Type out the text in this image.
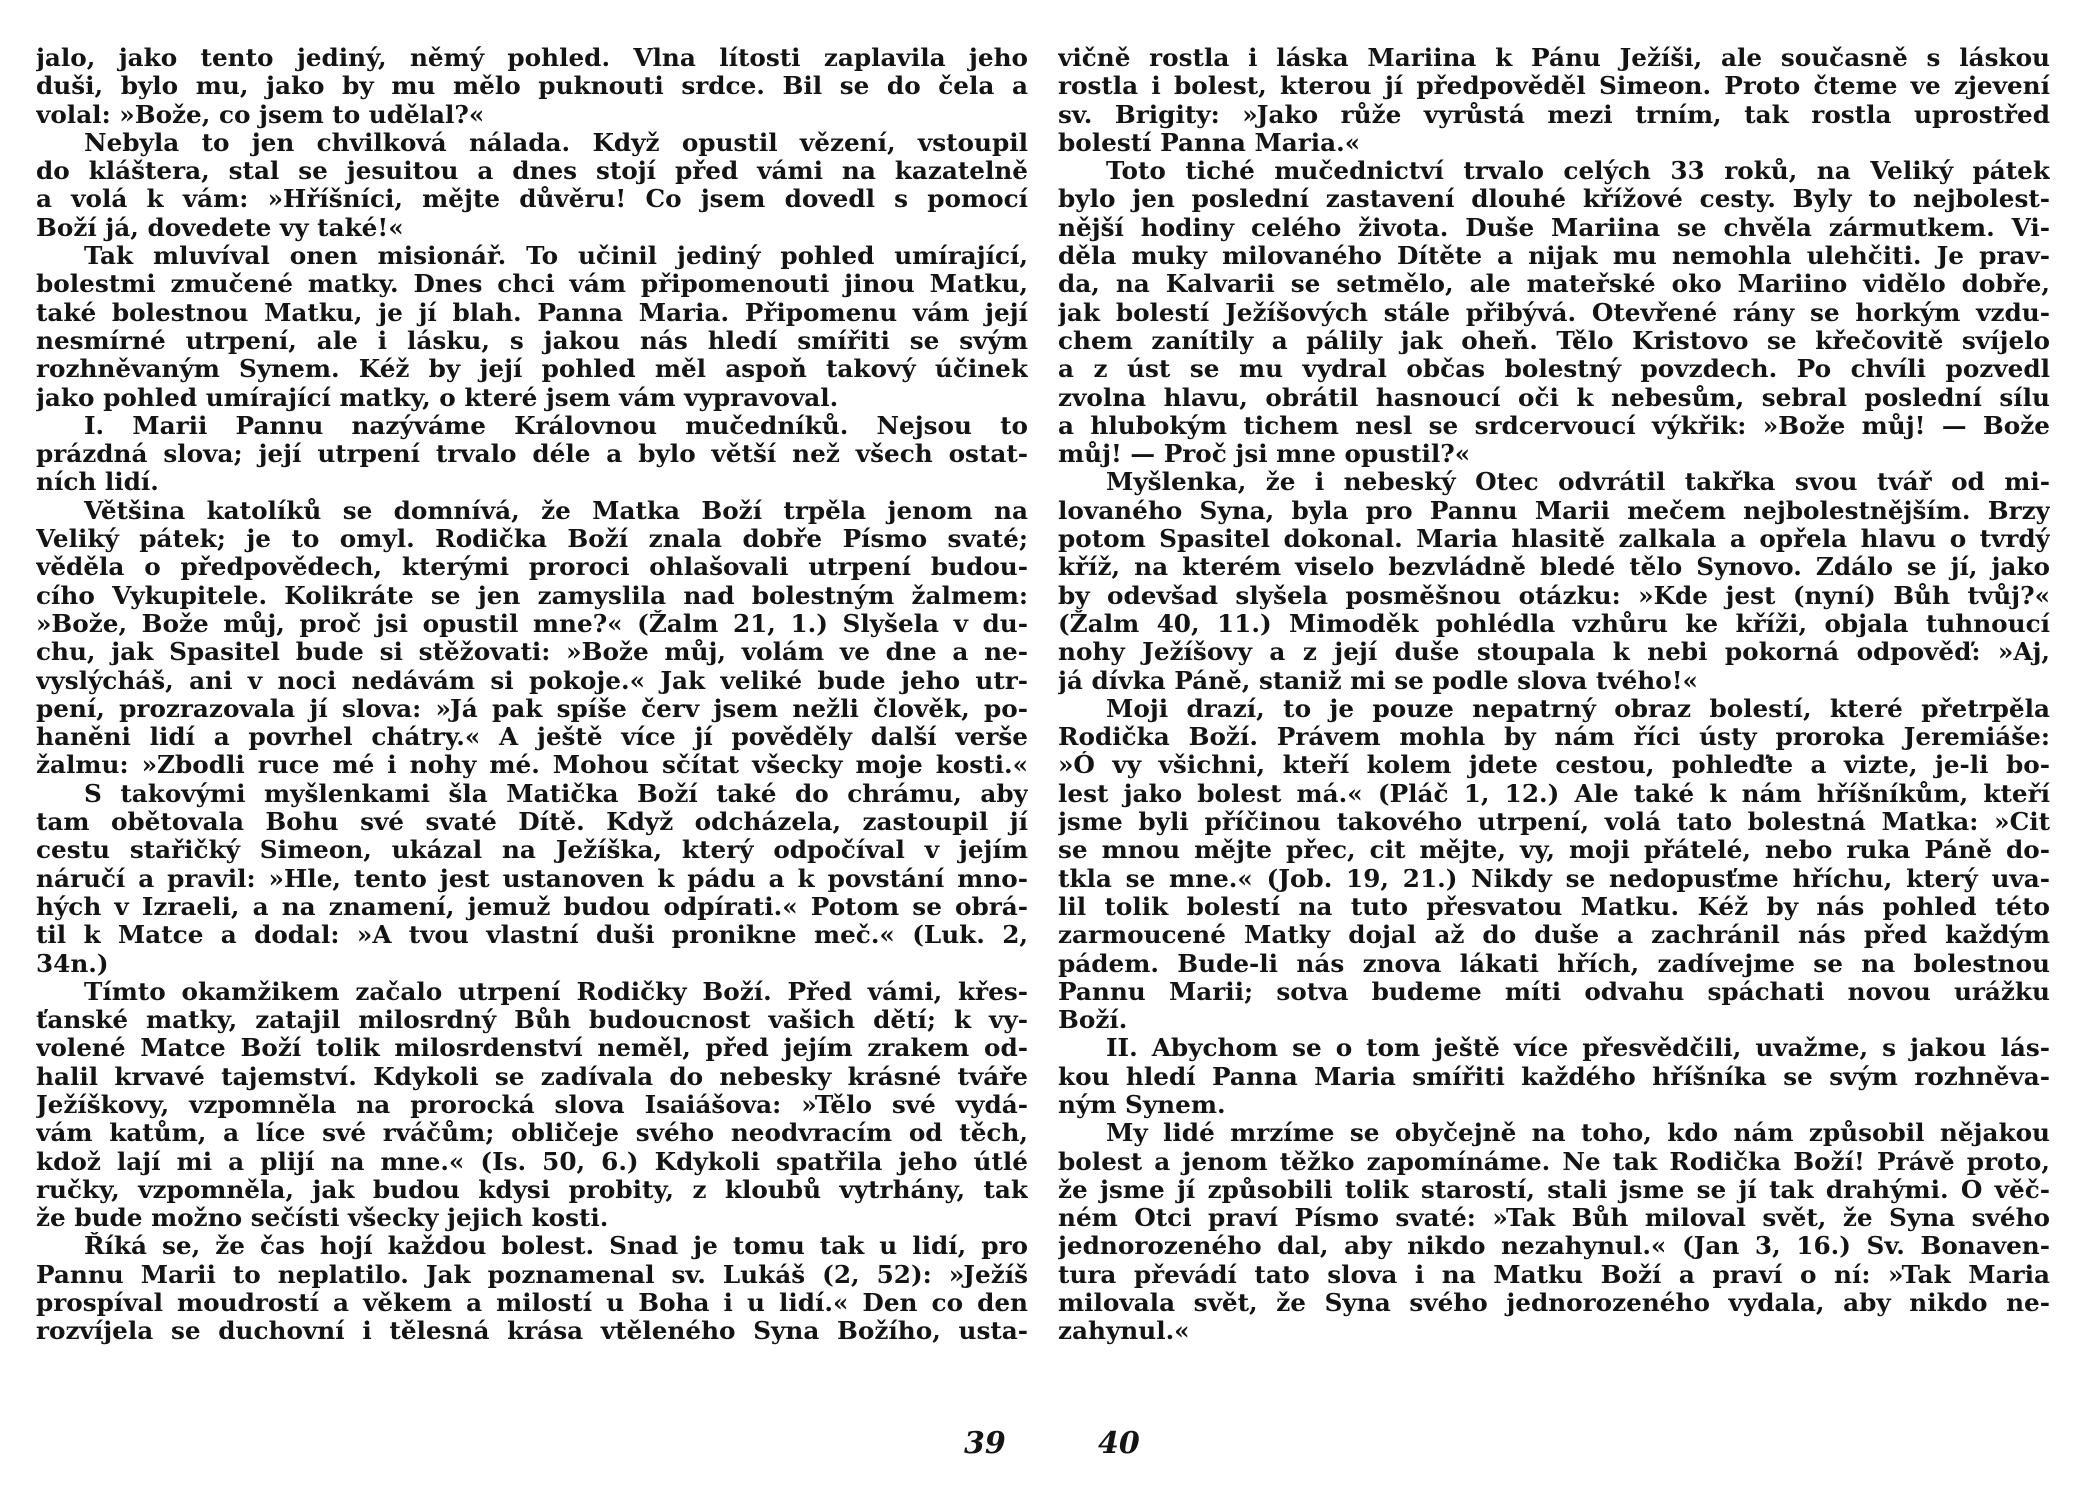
jalo, jako tento jediný, němý pohled. Vlna lítosti zaplavila jeho
duši, bylo mu, jako by mu mělo puknouti srdce. Bil se do čela a
volal: »Bože, co jsem to udělal?«
Nebyla to jen chvilková nálada. Když opustil vězení, vstoupil
do kláštera, stal se jesuitou a dnes stojí před vámi na kazatelně
a volá k vám: »Hříšníci, mějte důvěru! Co jsem dovedl s pomocí
Boží já, dovedete vy také!«
Tak mluvíval onen misionář. To učinil jediný pohled umírající,
bolestmi zmučené matky. Dnes chci vám připomenouti jinou Matku,
také bolestnou Matku, je jí blah. Panna Maria. Připomenu vám její
nesmírné utrpení, ale i lásku, s jakou nás hledí smířiti se svým
rozhněvaným Synem. Kéž by její pohled měl aspoň takový účinek
jako pohled umírající matky, o které jsem vám vypravoval.
I. Marii Pannu nazýváme Královnou mučedníků. Nejsou to
prázdná slova; její utrpení trvalo déle a bylo větší než všech ostat-
ních lidí.
Většina katolíků se domnívá, že Matka Boží trpěla jenom na
Veliký pátek; je to omyl. Rodička Boží znala dobře Písmo svaté;
věděla o předpovědech, kterými proroci ohlašovali utrpení budou-
cího Vykupitele. Kolikráte se jen zamyslila nad bolestným žalmem:
»Bože, Bože můj, proč jsi opustil mne?« (Žalm 21, 1.) Slyšela v du-
chu, jak Spasitel bude si stěžovati: »Bože můj, volám ve dne a ne-
vyslýcháš, ani v noci nedávám si pokoje.« Jak veliké bude jeho utr-
pení, prozrazovala jí slova: »Já pak spíše červ jsem nežli člověk, po-
haněni lidí a povrhel chátry.« A ještě více jí pověděly další verše
žalmu: »Zbodli ruce mé i nohy mé. Mohou sčítat všecky moje kosti.«
S takovými myšlenkami šla Matička Boží také do chrámu, aby
tam obětovala Bohu své svaté Dítě. Když odcházela, zastoupil jí
cestu stařičký Simeon, ukázal na Ježíška, který odpočíval v jejím
náručí a pravil: »Hle, tento jest ustanoven k pádu a k povstání mno-
hých v Izraeli, a na znamení, jemuž budou odpírati.« Potom se obrá-
til k Matce a dodal: »A tvou vlastní duši pronikne meč.« (Luk. 2,
34n.)
Tímto okamžikem začalo utrpení Rodičky Boží. Před vámi, křes-
ťanské matky, zatajil milosrdný Bůh budoucnost vašich dětí; k vy-
volené Matce Boží tolik milosrdenství neměl, před jejím zrakem od-
halil krvavé tajemství. Kdykoli se zadívala do nebesky krásné tváře
Ježíškovy, vzpomněla na prorocká slova Isaiášova: »Tělo své vydá-
vám katům, a líce své rváčům; obličeje svého neodvracím od těch,
kdož lají mi a plijí na mne.« (Is. 50, 6.) Kdykoli spatřila jeho útlé
ručky, vzpomněla, jak budou kdysi probity, z kloubů vytrhány, tak
že bude možno sečísti všecky jejich kosti.
Říká se, že čas hojí každou bolest. Snad je tomu tak u lidí, pro
Pannu Marii to neplatilo. Jak poznamenal sv. Lukáš (2, 52): »Ježíš
prospíval moudrostí a věkem a milostí u Boha i u lidí.« Den co den
rozvíjela se duchovní i tělesná krása vtěleného Syna Božího, usta-
39
vičně rostla i láska Mariina k Pánu Ježíši, ale současně s láskou
rostla i bolest, kterou jí předpověděl Simeon. Proto čteme ve zjevení
sv. Brigity: »Jako růže vyrůstá mezi trním, tak rostla uprostřed
bolestí Panna Maria.«
Toto tiché mučednictví trvalo celých 33 roků, na Veliký pátek
bylo jen poslední zastavení dlouhé křížové cesty. Byly to nejbolest-
nější hodiny celého života. Duše Mariina se chvěla zármutkem. Vi-
děla muky milovaného Dítěte a nijak mu nemohla ulehčiti. Je prav-
da, na Kalvarii se setmělo, ale mateřské oko Mariino vidělo dobře,
jak bolestí Ježíšových stále přibývá. Otevřené rány se horkým vzdu-
chem zanítily a pálily jak oheň. Tělo Kristovo se křečovitě svíjelo
a z úst se mu vydral občas bolestný povzdech. Po chvíli pozvedl
zvolna hlavu, obrátil hasnoucí oči k nebesům, sebral poslední sílu
a hlubokým tichem nesl se srdcervoucí výkřik: »Bože můj! — Bože
můj! — Proč jsi mne opustil?«
Myšlenka, že i nebeský Otec odvrátil takřka svou tvář od mi-
lovaného Syna, byla pro Pannu Marii mečem nejbolestnějším. Brzy
potom Spasitel dokonal. Maria hlasitě zalkala a opřela hlavu o tvrdý
kříž, na kterém viselo bezvládně bledé tělo Synovo. Zdálo se jí, jako
by odevšad slyšela posměšnou otázku: »Kde jest (nyní) Bůh tvůj?«
(Žalm 40, 11.) Mimoděk pohlédla vzhůru ke kříži, objala tuhnoucí
nohy Ježíšovy a z její duše stoupala k nebi pokorná odpověď: »Aj,
já dívka Páně, staniž mi se podle slova tvého!«
Moji drazí, to je pouze nepatrný obraz bolestí, které přetrpěla
Rodička Boží. Právem mohla by nám říci ústy proroka Jeremiáše:
»Ó vy všichni, kteří kolem jdete cestou, pohleďte a vizte, je-li bo-
lest jako bolest má.« (Pláč 1, 12.) Ale také k nám hříšníkům, kteří
jsme byli příčinou takového utrpení, volá tato bolestná Matka: »Cit
se mnou mějte přec, cit mějte, vy, moji přátelé, nebo ruka Páně do-
tkla se mne.« (Job. 19, 21.) Nikdy se nedopusťme hříchu, který uva-
lil tolik bolestí na tuto přesvatou Matku. Kéž by nás pohled této
zarmoucené Matky dojal až do duše a zachránil nás před každým
pádem. Bude-li nás znova lákati hřích, zadívejme se na bolestnou
Pannu Marii; sotva budeme míti odvahu spáchati novou urážku
Boží.
II. Abychom se o tom ještě více přesvědčili, uvažme, s jakou lás-
kou hledí Panna Maria smířiti každého hříšníka se svým rozhněva-
ným Synem.
My lidé mrzíme se obyčejně na toho, kdo nám způsobil nějakou
bolest a jenom těžko zapomínáme. Ne tak Rodička Boží! Právě proto,
že jsme jí způsobili tolik starostí, stali jsme se jí tak drahými. O věč-
ném Otci praví Písmo svaté: »Tak Bůh miloval svět, že Syna svého
jednorozeného dal, aby nikdo nezahynul.« (Jan 3, 16.) Sv. Bonaven-
tura převádí tato slova i na Matku Boží a praví o ní: »Tak Maria
milovala svět, že Syna svého jednorozeného vydala, aby nikdo ne-
zahynul.«
40
